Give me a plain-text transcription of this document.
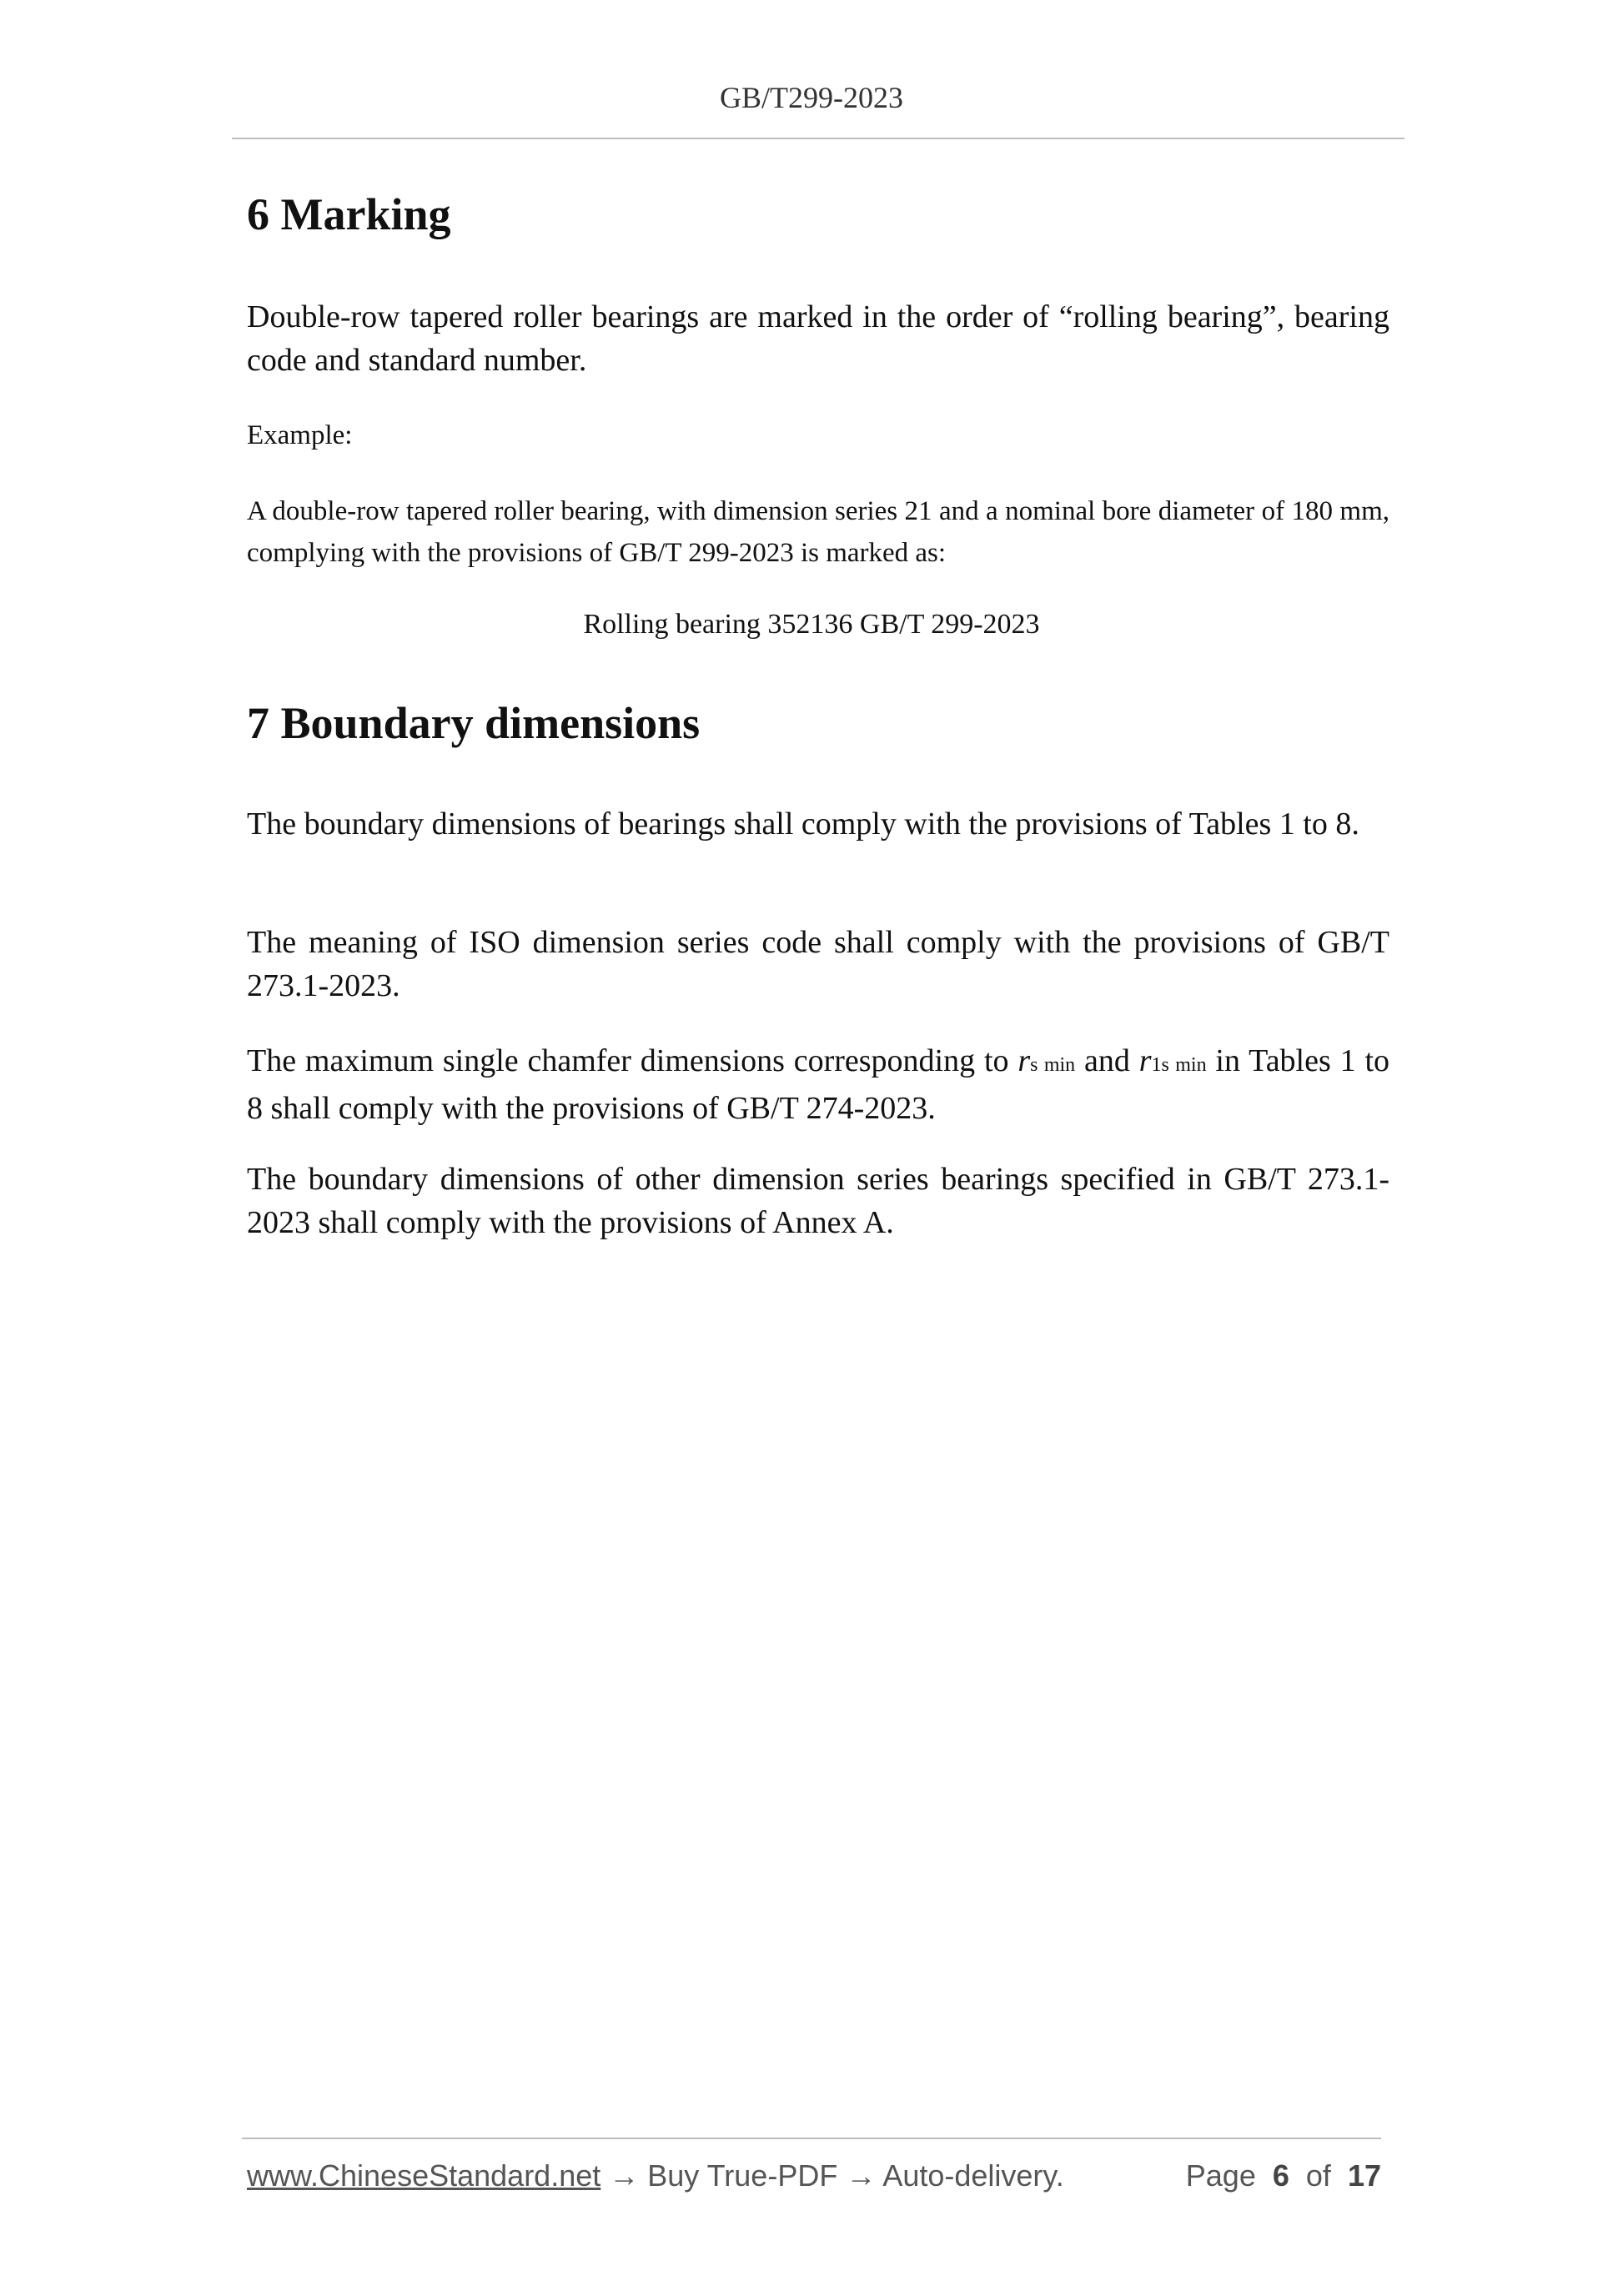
GB/T299-2023
6 Marking

Double-row tapered roller bearings are marked in the order of “rolling bearing”, bearing code and standard number.

Example:

A double-row tapered roller bearing, with dimension series 21 and a nominal bore diameter of 180 mm, complying with the provisions of GB/T 299-2023 is marked as:

Rolling bearing 352136 GB/T 299-2023

7 Boundary dimensions

The boundary dimensions of bearings shall comply with the provisions of Tables 1 to 8.

The meaning of ISO dimension series code shall comply with the provisions of GB/T 273.1-2023.

The maximum single chamfer dimensions corresponding to rs min and r1s min in Tables 1 to 8 shall comply with the provisions of GB/T 274-2023.

The boundary dimensions of other dimension series bearings specified in GB/T 273.1-2023 shall comply with the provisions of Annex A.

www.ChineseStandard.net → Buy True-PDF → Auto-delivery.	Page 6 of 17
